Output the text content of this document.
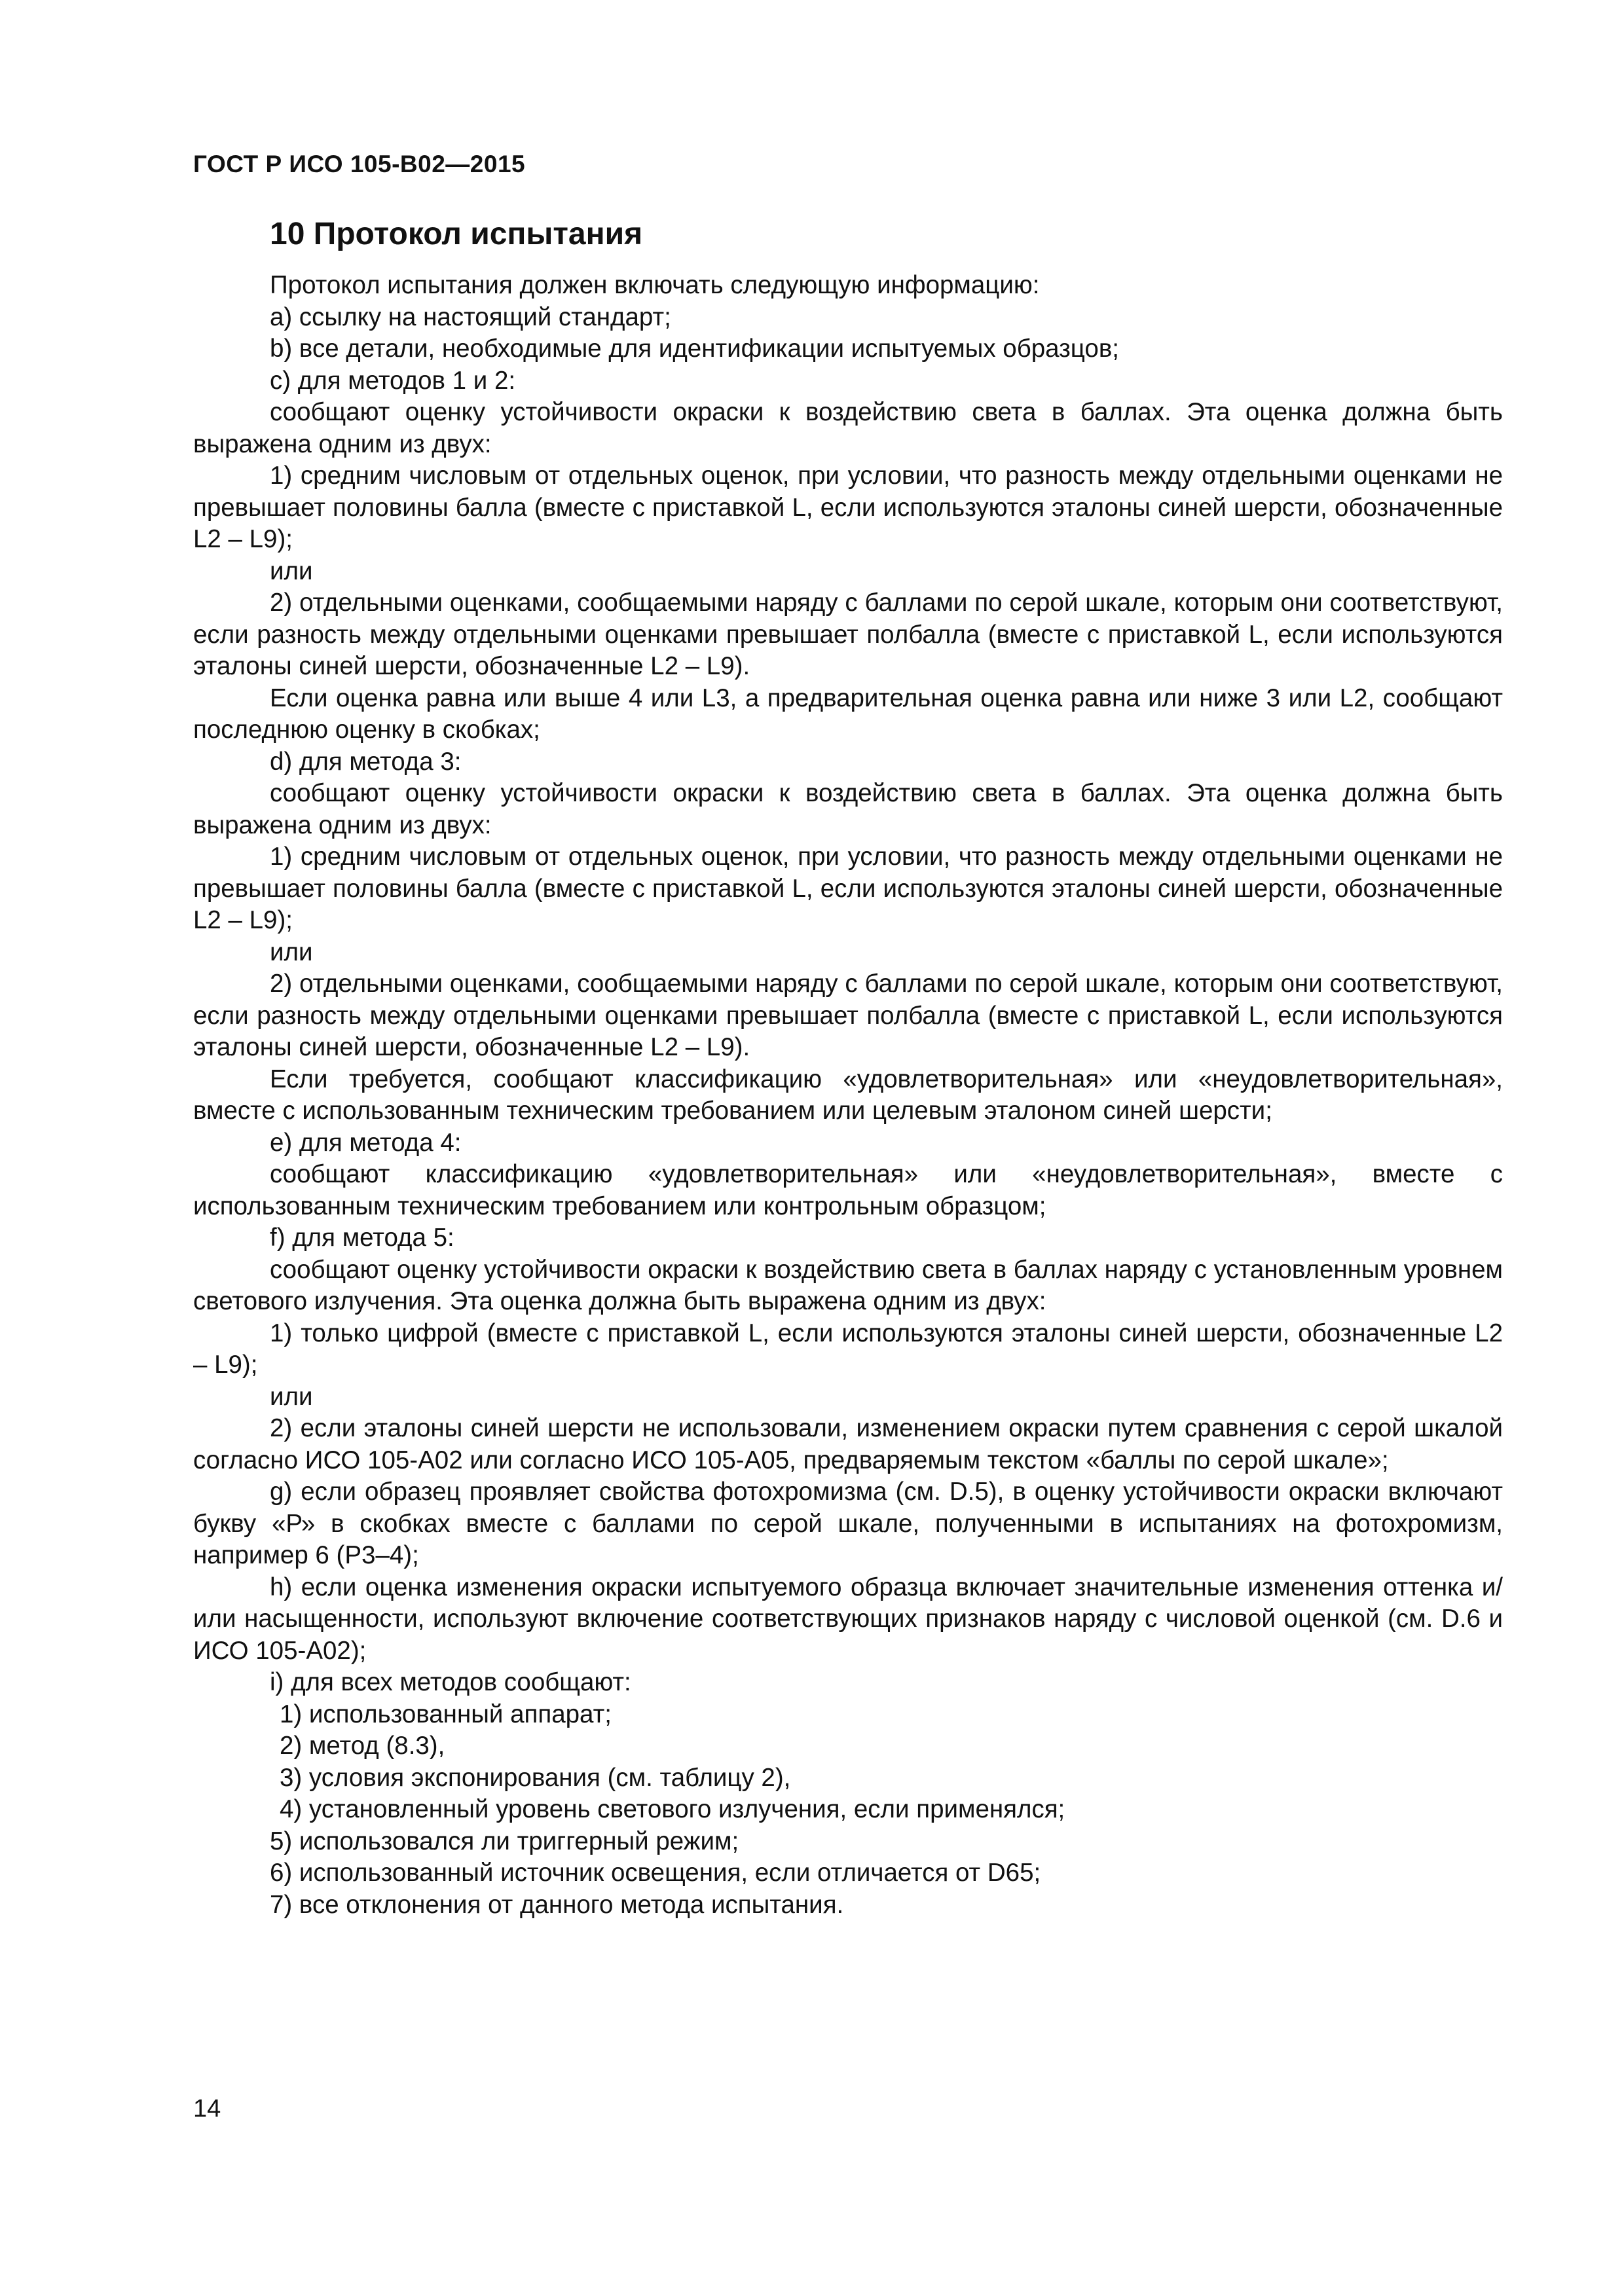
ГОСТ Р ИСО 105-B02—2015
10 Протокол испытания

Протокол испытания должен включать следующую информацию:

a) ссылку на настоящий стандарт;

b) все детали, необходимые для идентификации испытуемых образцов;

c) для методов 1 и 2:

сообщают оценку устойчивости окраски к воздействию света в баллах. Эта оценка должна быть выражена одним из двух:

1) средним числовым от отдельных оценок, при условии, что разность между отдельными оценками не превышает половины балла (вместе с приставкой L, если используются эталоны синей шерсти, обозначенные L2 – L9);

или

2) отдельными оценками, сообщаемыми наряду с баллами по серой шкале, которым они соответствуют, если разность между отдельными оценками превышает полбалла (вместе с приставкой L, если используются эталоны синей шерсти, обозначенные L2 – L9).

Если оценка равна или выше 4 или L3, а предварительная оценка равна или ниже 3 или L2, сообщают последнюю оценку в скобках;

d) для метода 3:

сообщают оценку устойчивости окраски к воздействию света в баллах. Эта оценка должна быть выражена одним из двух:

1) средним числовым от отдельных оценок, при условии, что разность между отдельными оценками не превышает половины балла (вместе с приставкой L, если используются эталоны синей шерсти, обозначенные L2 – L9);

или

2) отдельными оценками, сообщаемыми наряду с баллами по серой шкале, которым они соответствуют, если разность между отдельными оценками превышает полбалла (вместе с приставкой L, если используются эталоны синей шерсти, обозначенные L2 – L9).

Если требуется, сообщают классификацию «удовлетворительная» или «неудовлетворительная», вместе с использованным техническим требованием или целевым эталоном синей шерсти;

e) для метода 4:

сообщают классификацию «удовлетворительная» или «неудовлетворительная», вместе с использованным техническим требованием или контрольным образцом;

f) для метода 5:

сообщают оценку устойчивости окраски к воздействию света в баллах наряду с установленным уровнем светового излучения. Эта оценка должна быть выражена одним из двух:

1) только цифрой (вместе с приставкой L, если используются эталоны синей шерсти, обозначенные L2 – L9);

или

2) если эталоны синей шерсти не использовали, изменением окраски путем сравнения с серой шкалой согласно ИСО 105-A02 или согласно ИСО 105-A05, предваряемым текстом «баллы по серой шкале»;

g) если образец проявляет свойства фотохромизма (см. D.5), в оценку устойчивости окраски включают букву «Р» в скобках вместе с баллами по серой шкале, полученными в испытаниях на фотохромизм, например 6 (Р3–4);

h) если оценка изменения окраски испытуемого образца включает значительные изменения оттенка и/или насыщенности, используют включение соответствующих признаков наряду с числовой оценкой (см. D.6 и ИСО 105-A02);

i) для всех методов сообщают:

1) использованный аппарат;

2) метод (8.3),

3) условия экспонирования (см. таблицу 2),

4) установленный уровень светового излучения, если применялся;

5) использовался ли триггерный режим;

6) использованный источник освещения, если отличается от D65;

7) все отклонения от данного метода испытания.

14
